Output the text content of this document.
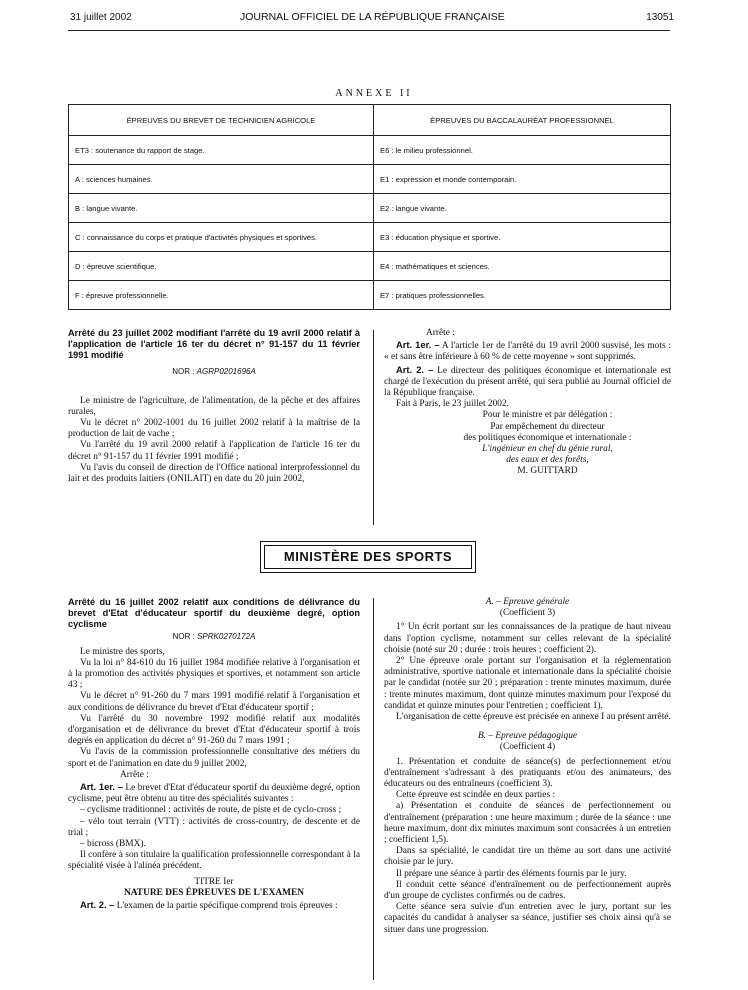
31 juillet 2002	JOURNAL OFFICIEL DE LA RÉPUBLIQUE FRANÇAISE	13051
ANNEXE II
ÉPREUVES DU BREVET DE TECHNICIEN AGRICOLE	ÉPREUVES DU BACCALAURÉAT PROFESSIONNEL
ET3 : soutenance du rapport de stage.	E6 : le milieu professionnel.
A : sciences humaines.	E1 : expression et monde contemporain.
B : langue vivante.	E2 : langue vivante.
C : connaissance du corps et pratique d'activités physiques et sportives.	E3 : éducation physique et sportive.
D : épreuve scientifique.	E4 : mathématiques et sciences.
F : épreuve professionnelle.	E7 : pratiques professionnelles.
Arrêté du 23 juillet 2002 modifiant l'arrêté du 19 avril 2000 relatif à l'application de l'article 16 ter du décret n° 91-157 du 11 février 1991 modifié
NOR : AGRP0201696A

Le ministre de l'agriculture, de l'alimentation, de la pêche et des affaires rurales,

Vu le décret n° 2002-1001 du 16 juillet 2002 relatif à la maîtrise de la production de lait de vache ;

Vu l'arrêté du 19 avril 2000 relatif à l'application de l'article 16 ter du décret n° 91-157 du 11 février 1991 modifié ;

Vu l'avis du conseil de direction de l'Office national interprofessionnel du lait et des produits laitiers (ONILAIT) en date du 20 juin 2002,

Arrête :

Art. 1er. – A l'article 1er de l'arrêté du 19 avril 2000 susvisé, les mots : « et sans être inférieure à 60 % de cette moyenne » sont supprimés.

Art. 2. – Le directeur des politiques économique et internationale est chargé de l'exécution du présent arrêté, qui sera publié au Journal officiel de la République française.

Fait à Paris, le 23 juillet 2002.

Pour le ministre et par délégation :
Par empêchement du directeur
des politiques économique et internationale :
L'ingénieur en chef du génie rural,
des eaux et des forêts,
M. GUITTARD
MINISTÈRE DES SPORTS
Arrêté du 16 juillet 2002 relatif aux conditions de délivrance du brevet d'Etat d'éducateur sportif du deuxième degré, option cyclisme
NOR : SPRK0270172A

Le ministre des sports,

Vu la loi n° 84-610 du 16 juillet 1984 modifiée relative à l'organisation et à la promotion des activités physiques et sportives, et notamment son article 43 ;

Vu le décret n° 91-260 du 7 mars 1991 modifié relatif à l'organisation et aux conditions de délivrance du brevet d'Etat d'éducateur sportif ;

Vu l'arrêté du 30 novembre 1992 modifié relatif aux modalités d'organisation et de délivrance du brevet d'Etat d'éducateur sportif à trois degrés en application du décret n° 91-260 du 7 mars 1991 ;

Vu l'avis de la commission professionnelle consultative des métiers du sport et de l'animation en date du 9 juillet 2002,

Arrête :

Art. 1er. – Le brevet d'Etat d'éducateur sportif du deuxième degré, option cyclisme, peut être obtenu au titre des spécialités suivantes :

– cyclisme traditionnel : activités de route, de piste et de cyclo-cross ;

– vélo tout terrain (VTT) : activités de cross-country, de descente et de trial ;

– bicross (BMX).

Il confère à son titulaire la qualification professionnelle correspondant à la spécialité visée à l'alinéa précédent.

TITRE Ier

NATURE DES ÉPREUVES DE L'EXAMEN

Art. 2. – L'examen de la partie spécifique comprend trois épreuves :

A. – Epreuve générale

(Coefficient 3)

1° Un écrit portant sur les connaissances de la pratique de haut niveau dans l'option cyclisme, notamment sur celles relevant de la spécialité choisie (noté sur 20 ; durée : trois heures ; coefficient 2).

2° Une épreuve orale portant sur l'organisation et la réglementation administrative, sportive nationale et internationale dans la spécialité choisie par le candidat (notée sur 20 ; préparation : trente minutes maximum, durée : trente minutes maximum, dont quinze minutes maximum pour l'exposé du candidat et quinze minutes pour l'entretien ; coefficient 1).

L'organisation de cette épreuve est précisée en annexe I au présent arrêté.

B. – Epreuve pédagogique

(Coefficient 4)

1. Présentation et conduite de séance(s) de perfectionnement et/ou d'entraînement s'adressant à des pratiquants et/ou des animateurs, des éducateurs ou des entraîneurs (coefficient 3).

Cette épreuve est scindée en deux parties :

a) Présentation et conduite de séances de perfectionnement ou d'entraînement (préparation : une heure maximum ; durée de la séance : une heure maximum, dont dix minutes maximum sont consacrées à un entretien ; coefficient 1,5).

Dans sa spécialité, le candidat tire un thème au sort dans une activité choisie par le jury.

Il prépare une séance à partir des éléments fournis par le jury.

Il conduit cette séance d'entraînement ou de perfectionnement auprès d'un groupe de cyclistes confirmés ou de cadres.

Cette séance sera suivie d'un entretien avec le jury, portant sur les capacités du candidat à analyser sa séance, justifier ses choix ainsi qu'à se situer dans une progression.
